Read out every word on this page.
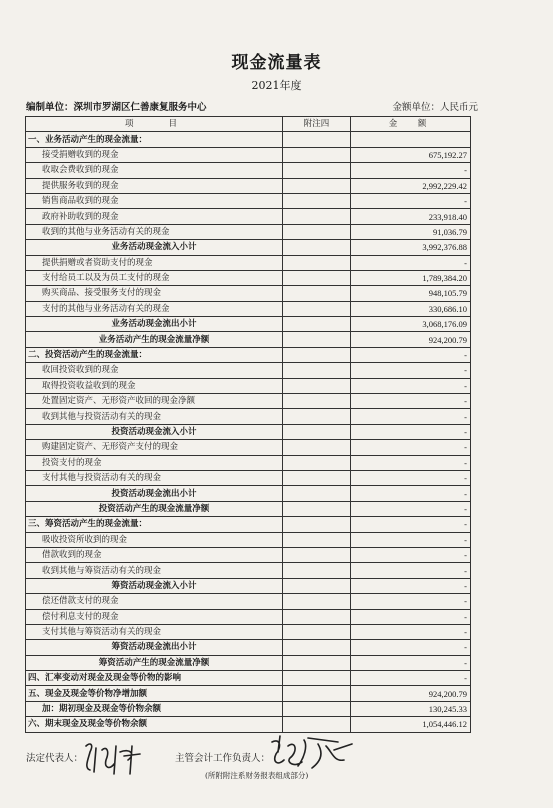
现金流量表
2021年度
编制单位：深圳市罗湖区仁善康复服务中心	金额单位：人民币元
项　　目	附注四	金　额
一、业务活动产生的现金流量：		
接受捐赠收到的现金		675,192.27
收取会费收到的现金		-
提供服务收到的现金		2,992,229.42
销售商品收到的现金		-
政府补助收到的现金		233,918.40
收到的其他与业务活动有关的现金		91,036.79
业务活动现金流入小计		3,992,376.88
提供捐赠或者资助支付的现金		-
支付给员工以及为员工支付的现金		1,789,384.20
购买商品、接受服务支付的现金		948,105.79
支付的其他与业务活动有关的现金		330,686.10
业务活动现金流出小计		3,068,176.09
业务活动产生的现金流量净额		924,200.79
二、投资活动产生的现金流量：		-
收回投资收到的现金		-
取得投资收益收到的现金		-
处置固定资产、无形资产收回的现金净额		-
收到其他与投资活动有关的现金		-
投资活动现金流入小计		-
购建固定资产、无形资产支付的现金		-
投资支付的现金		-
支付其他与投资活动有关的现金		-
投资活动现金流出小计		-
投资活动产生的现金流量净额		-
三、筹资活动产生的现金流量：		-
吸收投资所收到的现金		-
借款收到的现金		-
收到其他与筹资活动有关的现金		-
筹资活动现金流入小计		-
偿还借款支付的现金		-
偿付利息支付的现金		-
支付其他与筹资活动有关的现金		-
筹资活动现金流出小计		-
筹资活动产生的现金流量净额		-
四、汇率变动对现金及现金等价物的影响		-
五、现金及现金等价物净增加额		924,200.79
加：期初现金及现金等价物余额		130,245.33
六、期末现金及现金等价物余额		1,054,446.12
法定代表人：	主管会计工作负责人：
(所附附注系财务报表组成部分)
